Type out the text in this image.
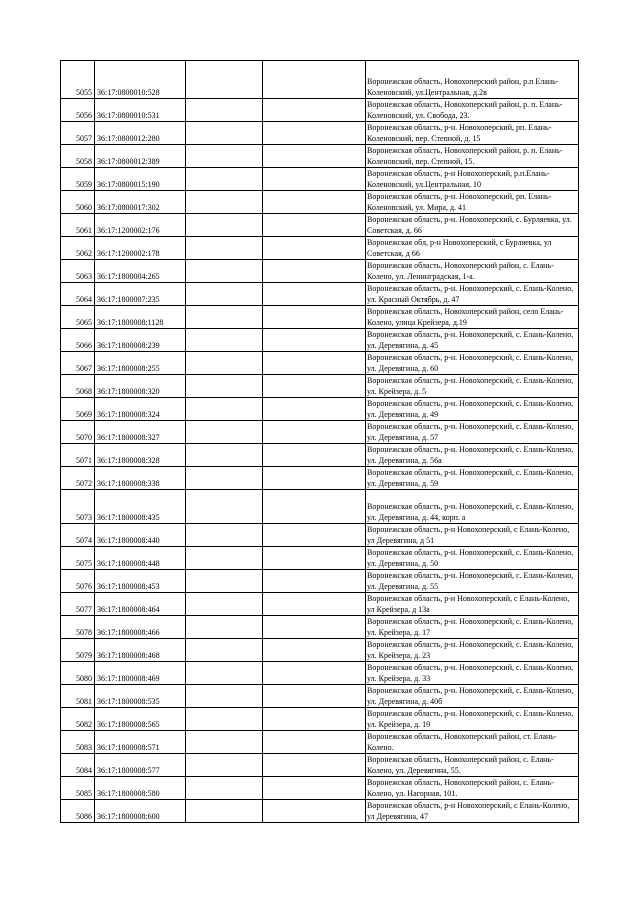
5055	36:17:0800010:528			Воронежская область, Новохоперский район, р.п Елань-Коленовский, ул.Центральная, д.2в
5056	36:17:0800010:531			Воронежская область, Новохоперский район, р. п. Елань-Коленовский, ул. Свобода, 23.
5057	36:17:0800012:280			Воронежская область, р-н. Новохоперский, рп. Елань-Коленовский, пер. Степной, д. 15
5058	36:17:0800012:389			Воронежская область, Новохоперский район, р. п. Елань-Коленовский, пер. Степной, 15.
5059	36:17:0800015:190			Воронежская область, р-н Новохоперский, р.п.Елань-Коленовский, ул.Центральная, 10
5060	36:17:0800017:302			Воронежская область, р-н. Новохоперский, рп. Елань-Коленовский, ул. Мира, д. 41
5061	36:17:1200002:176			Воронежская область, р-н. Новохоперский, с. Бурляевка, ул. Советская, д. 66
5062	36:17:1200002:178			Воронежская обл, р-н Новохоперский, с Бурляевка, ул Советская, д 66
5063	36:17:1800004:265			Воронежская область, Новохоперский район, с. Елань-Колено, ул. Ленинградская, 1-а.
5064	36:17:1800007:235			Воронежская область, р-н. Новохоперский, с. Елань-Колено, ул. Красный Октябрь, д. 47
5065	36:17:1800008:1128			Воронежская область, Новохоперский район, село Елань-Колено, улица Крейзера, д.19
5066	36:17:1800008:239			Воронежская область, р-н. Новохоперский, с. Елань-Колено, ул. Деревягина, д. 45
5067	36:17:1800008:255			Воронежская область, р-н. Новохоперский, с. Елань-Колено, ул. Деревягина, д. 60
5068	36:17:1800008:320			Воронежская область, р-н. Новохоперский, с. Елань-Колено, ул. Крейзера, д. 5
5069	36:17:1800008:324			Воронежская область, р-н. Новохоперский, с. Елань-Колено, ул. Деревягина, д. 49
5070	36:17:1800008:327			Воронежская область, р-н. Новохоперский, с. Елань-Колено, ул. Деревягина, д. 57
5071	36:17:1800008:328			Воронежская область, р-н. Новохоперский, с. Елань-Колено, ул. Деревягина, д. 56а
5072	36:17:1800008:338			Воронежская область, р-н. Новохоперский, с. Елань-Колено, ул. Деревягина, д. 59
5073	36:17:1800008:435			Воронежская область, р-н. Новохоперский, с. Елань-Колено, ул. Деревягина, д. 44, корп. а
5074	36:17:1800008:440			Воронежская область, р-н Новохоперский, с Елань-Колено, ул Деревягина, д 51
5075	36:17:1800008:448			Воронежская область, р-н. Новохоперский, с. Елань-Колено, ул. Деревягина, д. 50
5076	36:17:1800008:453			Воронежская область, р-н. Новохоперский, с. Елань-Колено, ул. Деревягина, д. 55
5077	36:17:1800008:464			Воронежская область, р-н Новохоперский, с Елань-Колено, ул Крейзера, д 13а
5078	36:17:1800008:466			Воронежская область, р-н. Новохоперский, с. Елань-Колено, ул. Крейзера, д. 17
5079	36:17:1800008:468			Воронежская область, р-н. Новохоперский, с. Елань-Колено, ул. Крейзера, д. 23
5080	36:17:1800008:469			Воронежская область, р-н. Новохоперский, с. Елань-Колено, ул. Крейзера, д. 33
5081	36:17:1800008:535			Воронежская область, р-н. Новохоперский, с. Елань-Колено, ул. Деревягина, д. 40б
5082	36:17:1800008:565			Воронежская область, р-н. Новохоперский, с. Елань-Колено, ул. Крейзера, д. 19
5083	36:17:1800008:571			Воронежская область, Новохоперский район, ст. Елань-Колено.
5084	36:17:1800008:577			Воронежская область, Новохоперский район, с. Елань-Колено, ул. Деревягина, 55.
5085	36:17:1800008:580			Воронежская область, Новохоперский район, с. Елань-Колено, ул. Нагорная, 101.
5086	36:17:1800008:600			Воронежская область, р-н Новохоперский, с Елань-Колено, ул Деревягина, 47
